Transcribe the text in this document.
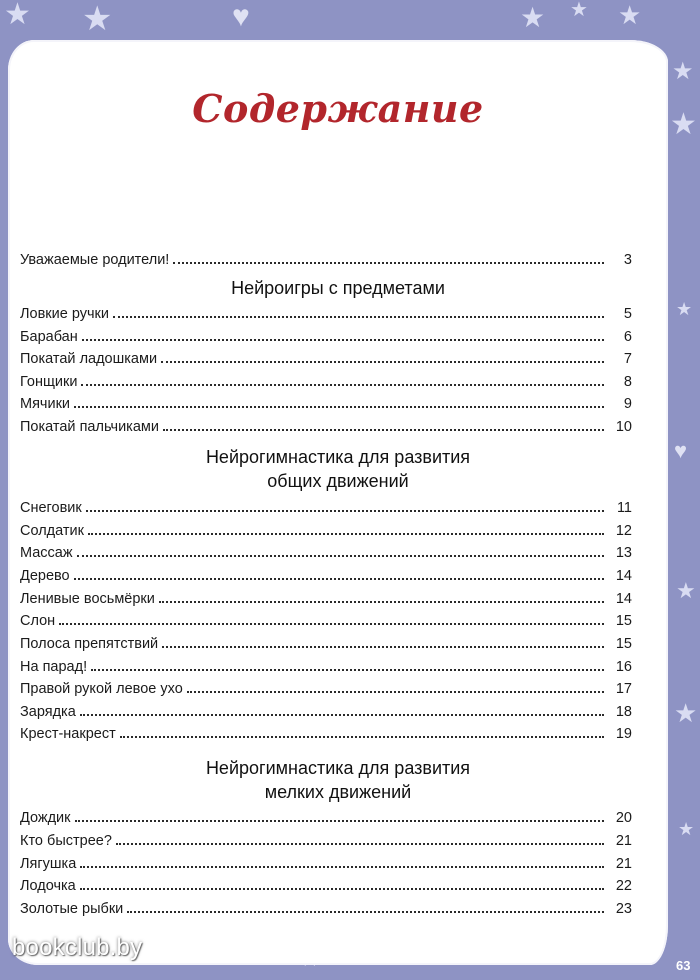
★ ★	♥	★ ★ ★
★
★
★
♥
★
★
★
Содержание
Уважаемые родители!	3
Нейроигры с предметами
Ловкие ручки	5
Барабан	6
Покатай ладошками	7
Гонщики	8
Мячики	9
Покатай пальчиками	10
Нейрогимнастика для развития
общих движений
Снеговик	11
Солдатик	12
Массаж	13
Дерево	14
Ленивые восьмёрки	14
Слон	15
Полоса препятствий	15
На парад!	16
Правой рукой левое ухо	17
Зарядка	18
Крест-накрест	19
Нейрогимнастика для развития
мелких движений
Дождик	20
Кто быстрее?	21
Лягушка	21
Лодочка	22
Золотые рыбки	23
bookclub.by
63
